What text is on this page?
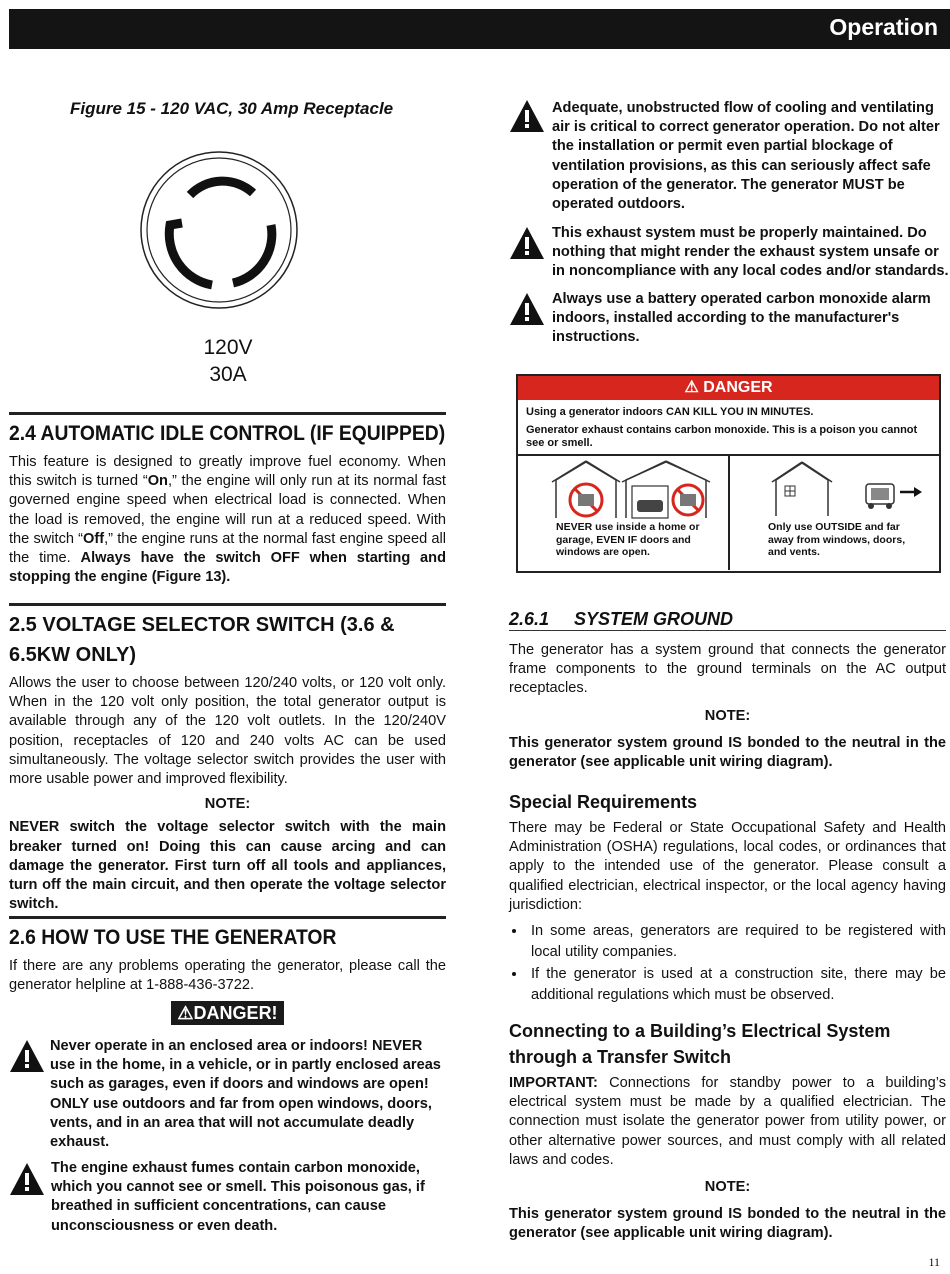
Operation
Figure 15 - 120 VAC, 30 Amp Receptacle
120V
30A
2.4 AUTOMATIC IDLE CONTROL (IF EQUIPPED)
This feature is designed to greatly improve fuel economy. When this switch is turned “On,” the engine will only run at its normal fast governed engine speed when electrical load is connected. When the load is removed, the engine will run at a reduced speed. With the switch “Off,” the engine runs at the normal fast engine speed all the time. Always have the switch OFF when starting and stopping the engine (Figure 13).
2.5 VOLTAGE SELECTOR SWITCH (3.6 & 6.5KW ONLY)
Allows the user to choose between 120/240 volts, or 120 volt only. When in the 120 volt only position, the total generator output is available through any of the 120 volt outlets. In the 120/240V position, receptacles of 120 and 240 volts AC can be used simultaneously. The voltage selector switch provides the user with more usable power and improved flexibility.
NOTE:
NEVER switch the voltage selector switch with the main breaker turned on! Doing this can cause arcing and can damage the generator. First turn off all tools and appliances, turn off the main circuit, and then operate the voltage selector switch.
2.6 HOW TO USE THE GENERATOR
If there are any problems operating the generator, please call the generator helpline at 1-888-436-3722.
⚠DANGER!
Never operate in an enclosed area or indoors! NEVER use in the home, in a vehicle, or in partly enclosed areas such as garages, even if doors and windows are open! ONLY use outdoors and far from open windows, doors, vents, and in an area that will not accumulate deadly exhaust.
The engine exhaust fumes contain carbon monoxide, which you cannot see or smell. This poisonous gas, if breathed in sufficient concentrations, can cause unconsciousness or even death.
Adequate, unobstructed flow of cooling and ventilating air is critical to correct generator operation. Do not alter the installation or permit even partial blockage of ventilation provisions, as this can seriously affect safe operation of the generator. The generator MUST be operated outdoors.
This exhaust system must be properly maintained. Do nothing that might render the exhaust system unsafe or in noncompliance with any local codes and/or standards.
Always use a battery operated carbon monoxide alarm indoors, installed according to the manufacturer's instructions.
⚠ DANGER

Using a generator indoors CAN KILL YOU IN MINUTES.

Generator exhaust contains carbon monoxide. This is a poison you cannot see or smell.

NEVER use inside a home or garage, EVEN IF doors and windows are open.
Only use OUTSIDE and far away from windows, doors, and vents.
2.6.1     SYSTEM GROUND
The generator has a system ground that connects the generator frame components to the ground terminals on the AC output receptacles.
NOTE:
This generator system ground IS bonded to the neutral in the generator (see applicable unit wiring diagram).
Special Requirements
There may be Federal or State Occupational Safety and Health Administration (OSHA) regulations, local codes, or ordinances that apply to the intended use of the generator. Please consult a qualified electrician, electrical inspector, or the local agency having jurisdiction:
• In some areas, generators are required to be registered with local utility companies.
• If the generator is used at a construction site, there may be additional regulations which must be observed.
Connecting to a Building’s Electrical System through a Transfer Switch
IMPORTANT: Connections for standby power to a building’s electrical system must be made by a qualified electrician. The connection must isolate the generator power from utility power, or other alternative power sources, and must comply with all related laws and codes.
NOTE:
This generator system ground IS bonded to the neutral in the generator (see applicable unit wiring diagram).
11
